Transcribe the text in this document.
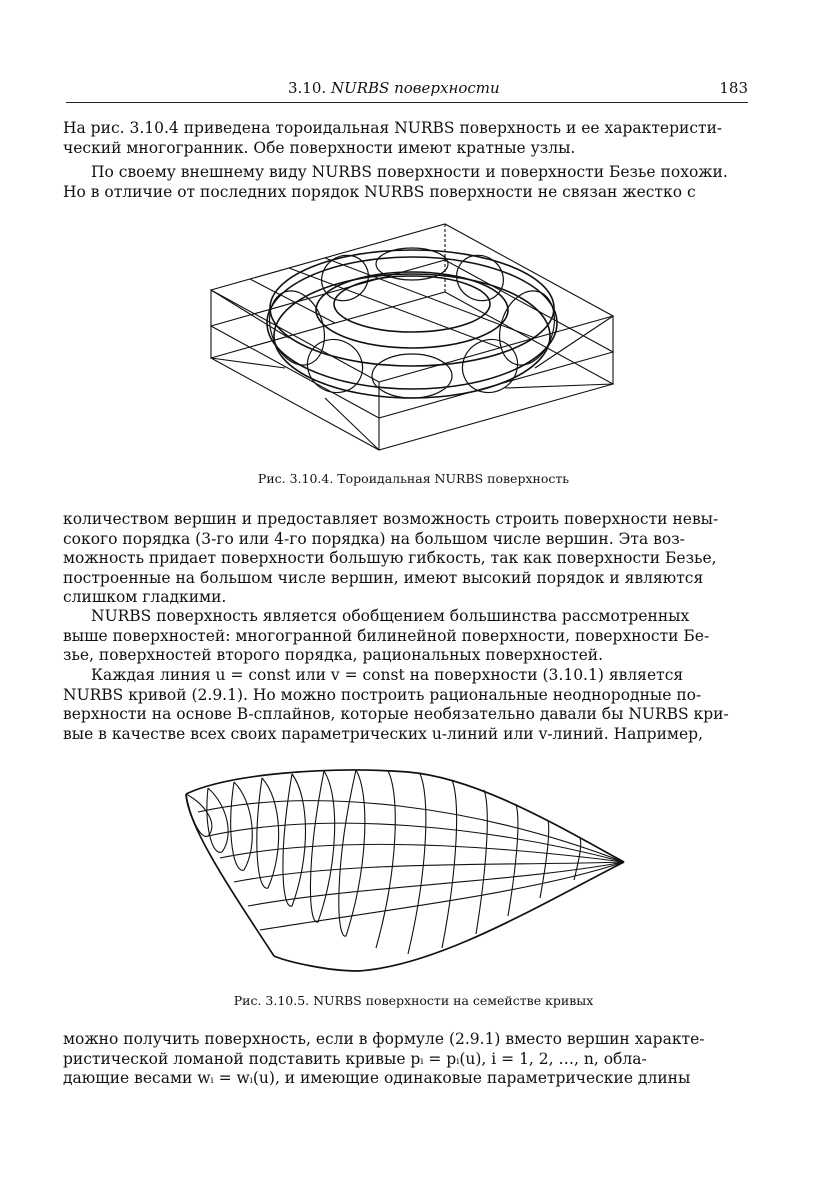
3.10. NURBS поверхности	183
На рис. 3.10.4 приведена тороидальная NURBS поверхность и ее характеристи-
ческий многогранник. Обе поверхности имеют кратные узлы.
По своему внешнему виду NURBS поверхности и поверхности Безье похожи.
Но в отличие от последних порядок NURBS поверхности не связан жестко с
Рис. 3.10.4. Тороидальная NURBS поверхность
количеством вершин и предоставляет возможность строить поверхности невы-
сокого порядка (3-го или 4-го порядка) на большом числе вершин. Эта воз-
можность придает поверхности большую гибкость, так как поверхности Безье,
построенные на большом числе вершин, имеют высокий порядок и являются
слишком гладкими.
NURBS поверхность является обобщением большинства рассмотренных
выше поверхностей: многогранной билинейной поверхности, поверхности Бе-
зье, поверхностей второго порядка, рациональных поверхностей.
Каждая линия u = const или v = const на поверхности (3.10.1) является
NURBS кривой (2.9.1). Но можно построить рациональные неоднородные по-
верхности на основе B-сплайнов, которые необязательно давали бы NURBS кри-
вые в качестве всех своих параметрических u-линий или v-линий. Например,
Рис. 3.10.5. NURBS поверхности на семействе кривых
можно получить поверхность, если в формуле (2.9.1) вместо вершин характе-
ристической ломаной подставить кривые pᵢ = pᵢ(u), i = 1, 2, …, n, обла-
дающие весами wᵢ = wᵢ(u), и имеющие одинаковые параметрические длины
